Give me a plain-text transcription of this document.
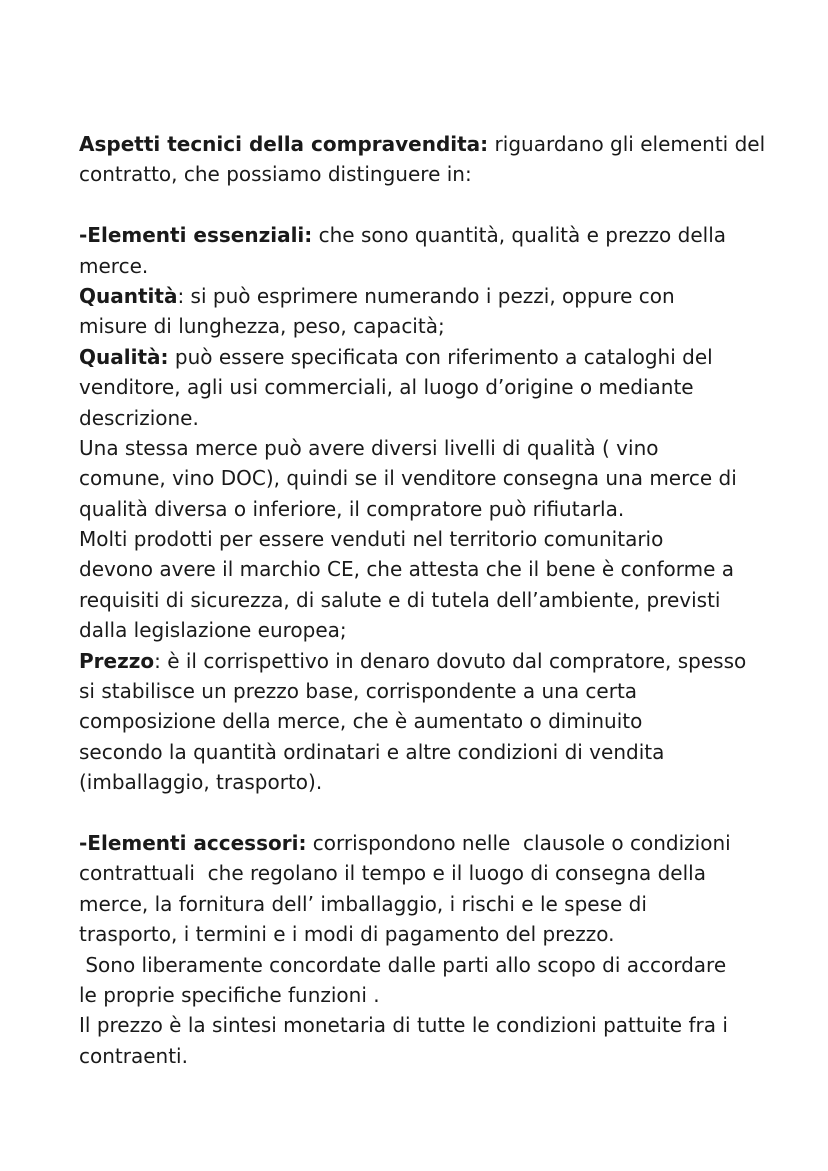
Aspetti tecnici della compravendita: riguardano gli elementi del
contratto, che possiamo distinguere in:
-Elementi essenziali: che sono quantità, qualità e prezzo della
merce.
Quantità: si può esprimere numerando i pezzi, oppure con
misure di lunghezza, peso, capacità;
Qualità: può essere specificata con riferimento a cataloghi del
venditore, agli usi commerciali, al luogo d’origine o mediante
descrizione.
Una stessa merce può avere diversi livelli di qualità ( vino
comune, vino DOC), quindi se il venditore consegna una merce di
qualità diversa o inferiore, il compratore può rifiutarla.
Molti prodotti per essere venduti nel territorio comunitario
devono avere il marchio CE, che attesta che il bene è conforme a
requisiti di sicurezza, di salute e di tutela dell’ambiente, previsti
dalla legislazione europea;
Prezzo: è il corrispettivo in denaro dovuto dal compratore, spesso
si stabilisce un prezzo base, corrispondente a una certa
composizione della merce, che è aumentato o diminuito
secondo la quantità ordinatari e altre condizioni di vendita
(imballaggio, trasporto).
-Elementi accessori: corrispondono nelle  clausole o condizioni
contrattuali  che regolano il tempo e il luogo di consegna della
merce, la fornitura dell’ imballaggio, i rischi e le spese di
trasporto, i termini e i modi di pagamento del prezzo.
Sono liberamente concordate dalle parti allo scopo di accordare
le proprie specifiche funzioni .
Il prezzo è la sintesi monetaria di tutte le condizioni pattuite fra i
contraenti.
